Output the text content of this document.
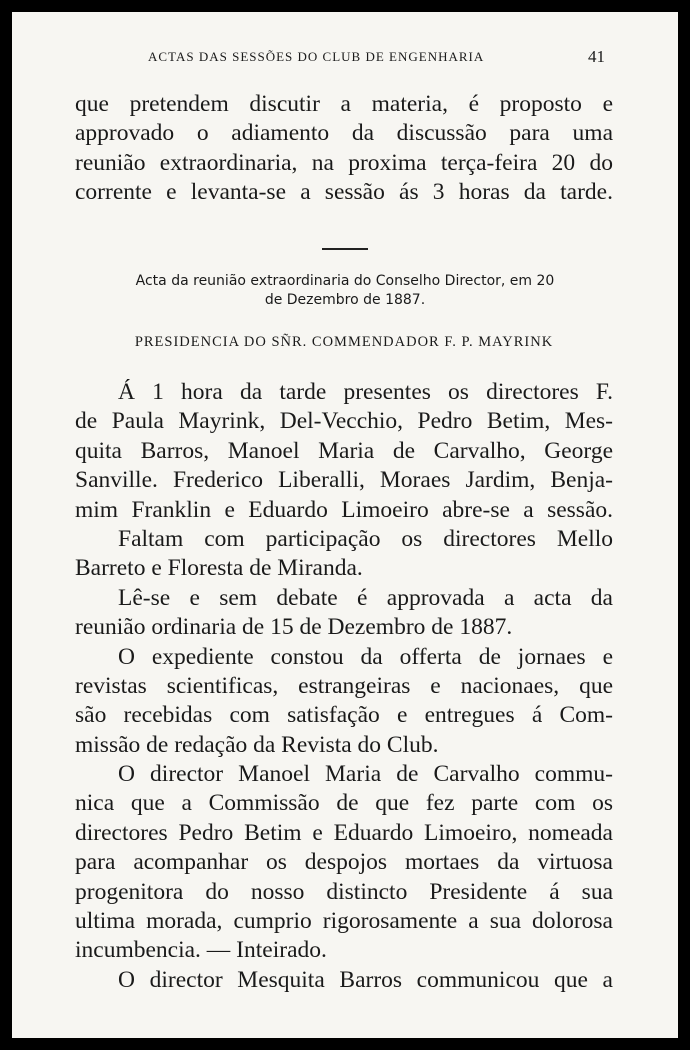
ACTAS DAS SESSÕES DO CLUB DE ENGENHARIA	41
que pretendem discutir a materia, é proposto e
approvado o adiamento da discussão para uma
reunião extraordinaria, na proxima terça-feira 20 do
corrente e levanta-se a sessão ás 3 horas da tarde.
Acta da reunião extraordinaria do Conselho Director, em 20
de Dezembro de 1887.
PRESIDENCIA DO SÑR. COMMENDADOR F. P. MAYRINK
Á 1 hora da tarde presentes os directores F.
de Paula Mayrink, Del-Vecchio, Pedro Betim, Mes-
quita Barros, Manoel Maria de Carvalho, George
Sanville. Frederico Liberalli, Moraes Jardim, Benja-
mim Franklin e Eduardo Limoeiro abre-se a sessão.
Faltam com participação os directores Mello
Barreto e Floresta de Miranda.
Lê-se e sem debate é approvada a acta da
reunião ordinaria de 15 de Dezembro de 1887.
O expediente constou da offerta de jornaes e
revistas scientificas, estrangeiras e nacionaes, que
são recebidas com satisfação e entregues á Com-
missão de redação da Revista do Club.
O director Manoel Maria de Carvalho commu-
nica que a Commissão de que fez parte com os
directores Pedro Betim e Eduardo Limoeiro, nomeada
para acompanhar os despojos mortaes da virtuosa
progenitora do nosso distincto Presidente á sua
ultima morada, cumprio rigorosamente a sua dolorosa
incumbencia. — Inteirado.
O director Mesquita Barros communicou que a
